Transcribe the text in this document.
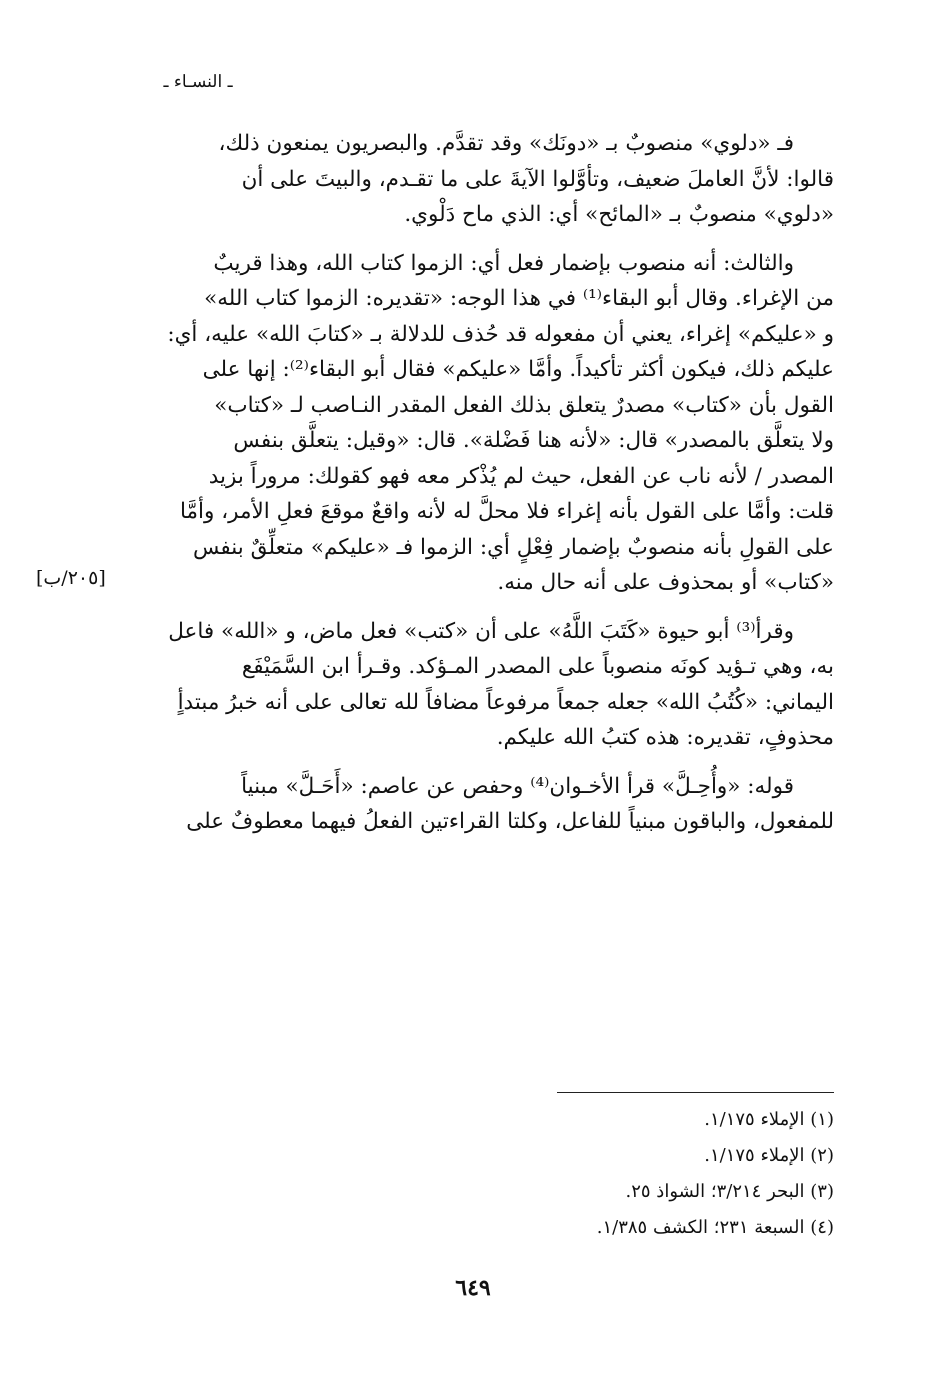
ـ النسـاء ـ

فـ «دلوي» منصوبٌ بـ «دونَك» وقد تقدَّم. والبصريون يمنعون ذلك،
قالوا: لأنَّ العاملَ ضعيف، وتأوَّلوا الآيةَ على ما تقـدم، والبيتَ على أن
«دلوي» منصوبٌ بـ «المائح» أي: الذي ماح دَلْوي.

والثالث: أنه منصوب بإضمار فعل أي: الزموا كتاب الله، وهذا قريبٌ
من الإغراء. وقال أبو البقاء⁽¹⁾ في هذا الوجه: «تقديره: الزموا كتاب الله»
و «عليكم» إغراء، يعني أن مفعوله قد حُذف للدلالة بـ «كتابَ الله» عليه، أي:
عليكم ذلك، فيكون أكثر تأكيداً. وأمَّا «عليكم» فقال أبو البقاء⁽²⁾: إنها على
القول بأن «كتاب» مصدرٌ يتعلق بذلك الفعل المقدر النـاصب لـ «كتاب»
ولا يتعلَّق بالمصدر» قال: «لأنه هنا فَضْلة». قال: «وقيل: يتعلَّق بنفس
المصدر / لأنه ناب عن الفعل، حيث لم يُذْكر معه فهو كقولك: مروراً بزيد
قلت: وأمَّا على القول بأنه إغراء فلا محلَّ له لأنه واقعٌ موقعَ فعلِ الأمر، وأمَّا
على القولِ بأنه منصوبٌ بإضمار فِعْلٍ أي: الزموا فـ «عليكم» متعلِّقٌ بنفس
«كتاب» أو بمحذوف على أنه حال منه.

وقرأ⁽³⁾ أبو حيوة «كَتَبَ اللَّهُ» على أن «كتب» فعل ماض، و «الله» فاعل
به، وهي تـؤيد كونَه منصوباً على المصدر المـؤكد. وقـرأ ابن السَّمَيْفَع
اليماني: «كُتُبُ الله» جعله جمعاً مرفوعاً مضافاً لله تعالى على أنه خبرُ مبتدأٍ
محذوفٍ، تقديره: هذه كتبُ الله عليكم.

قوله: «وأُحِـلَّ» قرأ الأخـوان⁽⁴⁾ وحفص عن عاصم: «أَحَـلَّ» مبنياً
للمفعول، والباقون مبنياً للفاعل، وكلتا القراءتين الفعلُ فيهما معطوفٌ على

[٢٠٥/ب]
(١) الإملاء ١/١٧٥.
(٢) الإملاء ١/١٧٥.
(٣) البحر ٣/٢١٤؛ الشواذ ٢٥.
(٤) السبعة ٢٣١؛ الكشف ١/٣٨٥.
٦٤٩
